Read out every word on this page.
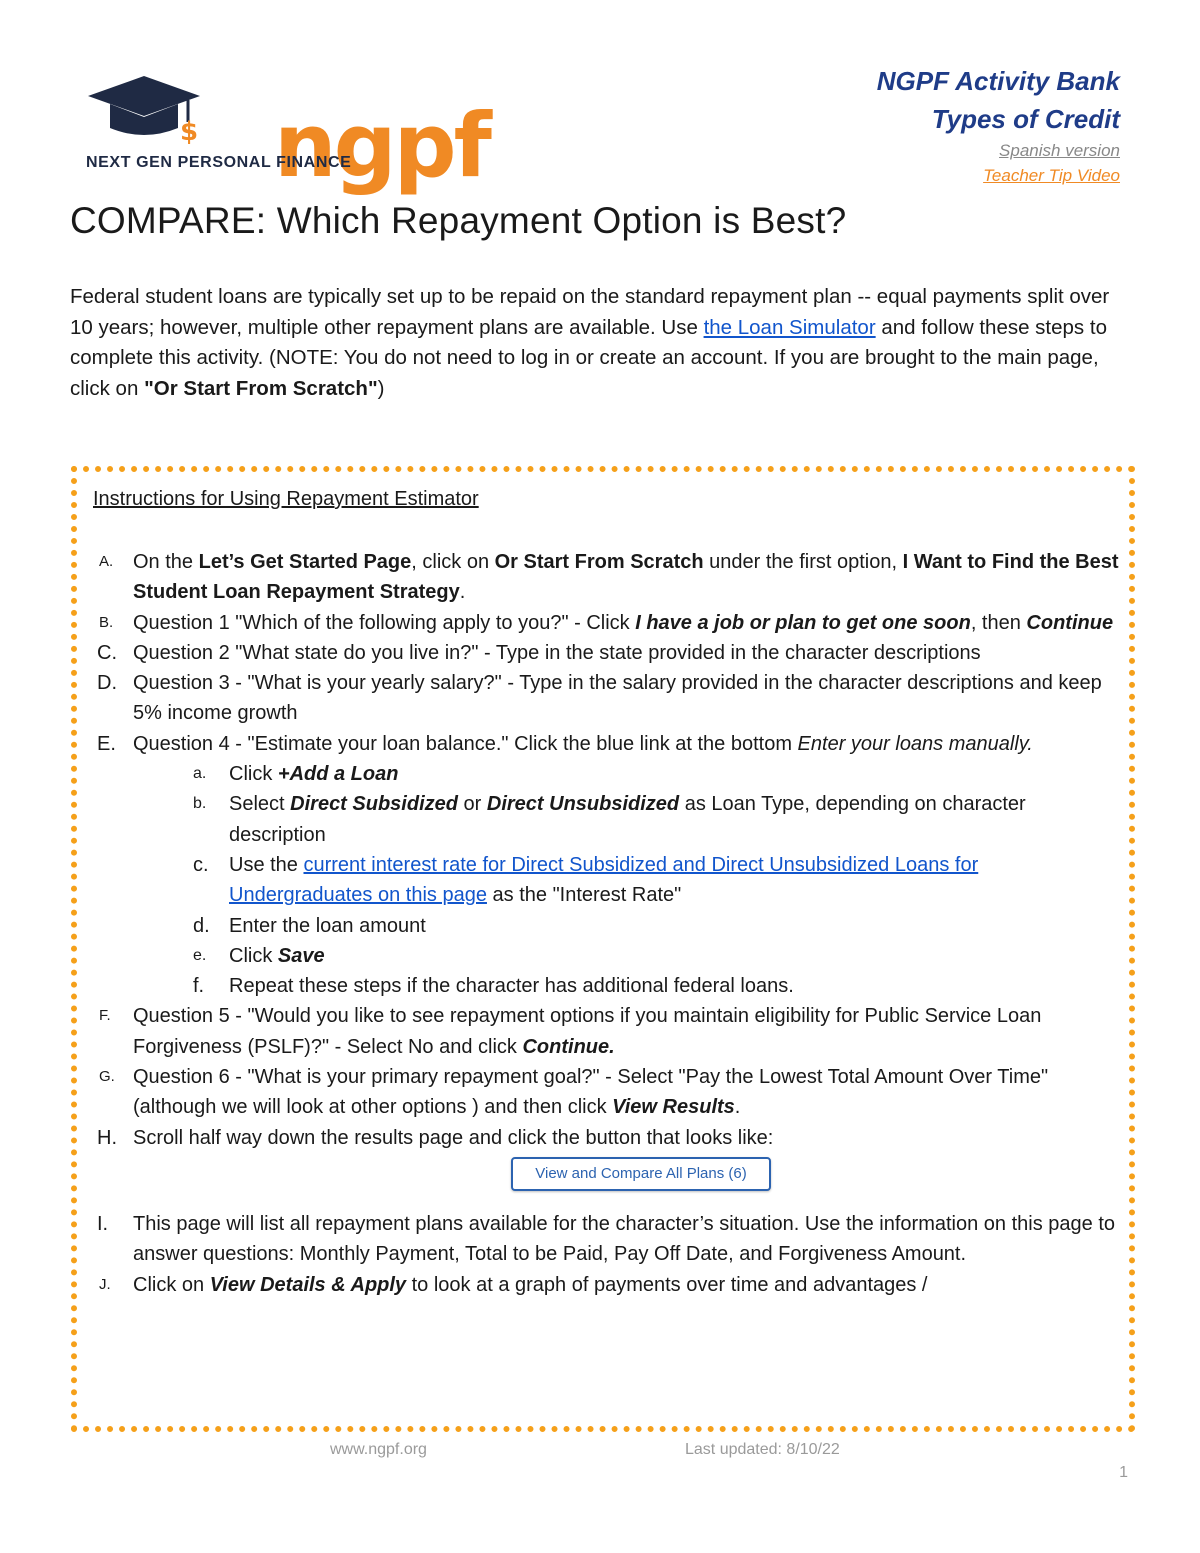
$ ngpf
NEXT GEN PERSONAL FINANCE
NGPF Activity Bank
Types of Credit
Spanish version
Teacher Tip Video
COMPARE: Which Repayment Option is Best?
Federal student loans are typically set up to be repaid on the standard repayment plan -- equal payments split over 10 years; however, multiple other repayment plans are available. Use the Loan Simulator and follow these steps to complete this activity. (NOTE: You do not need to log in or create an account. If you are brought to the main page, click on "Or Start From Scratch")
Instructions for Using Repayment Estimator
A. On the Let’s Get Started Page, click on Or Start From Scratch under the first option, I Want to Find the Best Student Loan Repayment Strategy.
B. Question 1 "Which of the following apply to you?" - Click I have a job or plan to get one soon, then Continue
C. Question 2 "What state do you live in?" - Type in the state provided in the character descriptions
D. Question 3 - "What is your yearly salary?" - Type in the salary provided in the character descriptions and keep 5% income growth
E. Question 4 - "Estimate your loan balance." Click the blue link at the bottom Enter your loans manually.
a. Click +Add a Loan
b. Select Direct Subsidized or Direct Unsubsidized as Loan Type, depending on character description
c. Use the current interest rate for Direct Subsidized and Direct Unsubsidized Loans for Undergraduates on this page as the "Interest Rate"
d. Enter the loan amount
e. Click Save
f. Repeat these steps if the character has additional federal loans.
F. Question 5 - "Would you like to see repayment options if you maintain eligibility for Public Service Loan Forgiveness (PSLF)?" - Select No and click Continue.
G. Question 6 - "What is your primary repayment goal?" - Select "Pay the Lowest Total Amount Over Time" (although we will look at other options ) and then click View Results.
H. Scroll half way down the results page and click the button that looks like:
View and Compare All Plans (6)
I. This page will list all repayment plans available for the character’s situation. Use the information on this page to answer questions: Monthly Payment, Total to be Paid, Pay Off Date, and Forgiveness Amount.
J. Click on View Details & Apply to look at a graph of payments over time and advantages /
www.ngpf.org	Last updated: 8/10/22
1
